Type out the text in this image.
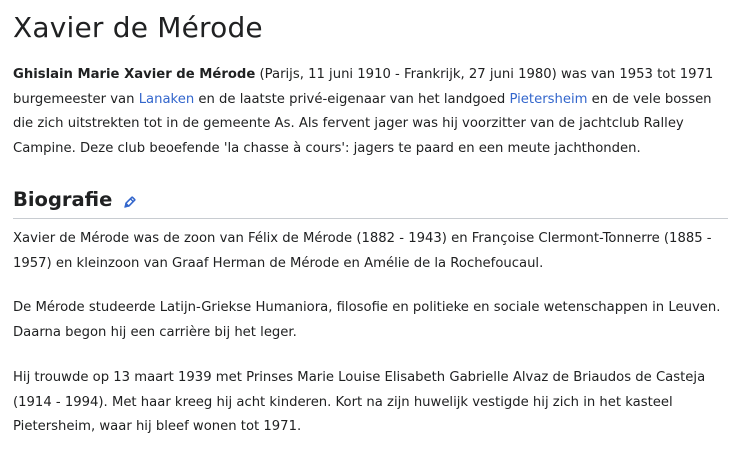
Xavier de Mérode

Ghislain Marie Xavier de Mérode (Parijs, 11 juni 1910 - Frankrijk, 27 juni 1980) was van 1953 tot 1971 burgemeester van Lanaken en de laatste privé-eigenaar van het landgoed Pietersheim en de vele bossen die zich uitstrekten tot in de gemeente As. Als fervent jager was hij voorzitter van de jachtclub Ralley Campine. Deze club beoefende 'la chasse à cours': jagers te paard en een meute jachthonden.

Biografie

Xavier de Mérode was de zoon van Félix de Mérode (1882 - 1943) en Françoise Clermont-Tonnerre (1885 - 1957) en kleinzoon van Graaf Herman de Mérode en Amélie de la Rochefoucaul.

De Mérode studeerde Latijn-Griekse Humaniora, filosofie en politieke en sociale wetenschappen in Leuven. Daarna begon hij een carrière bij het leger.

Hij trouwde op 13 maart 1939 met Prinses Marie Louise Elisabeth Gabrielle Alvaz de Briaudos de Casteja (1914 - 1994). Met haar kreeg hij acht kinderen. Kort na zijn huwelijk vestigde hij zich in het kasteel Pietersheim, waar hij bleef wonen tot 1971.
